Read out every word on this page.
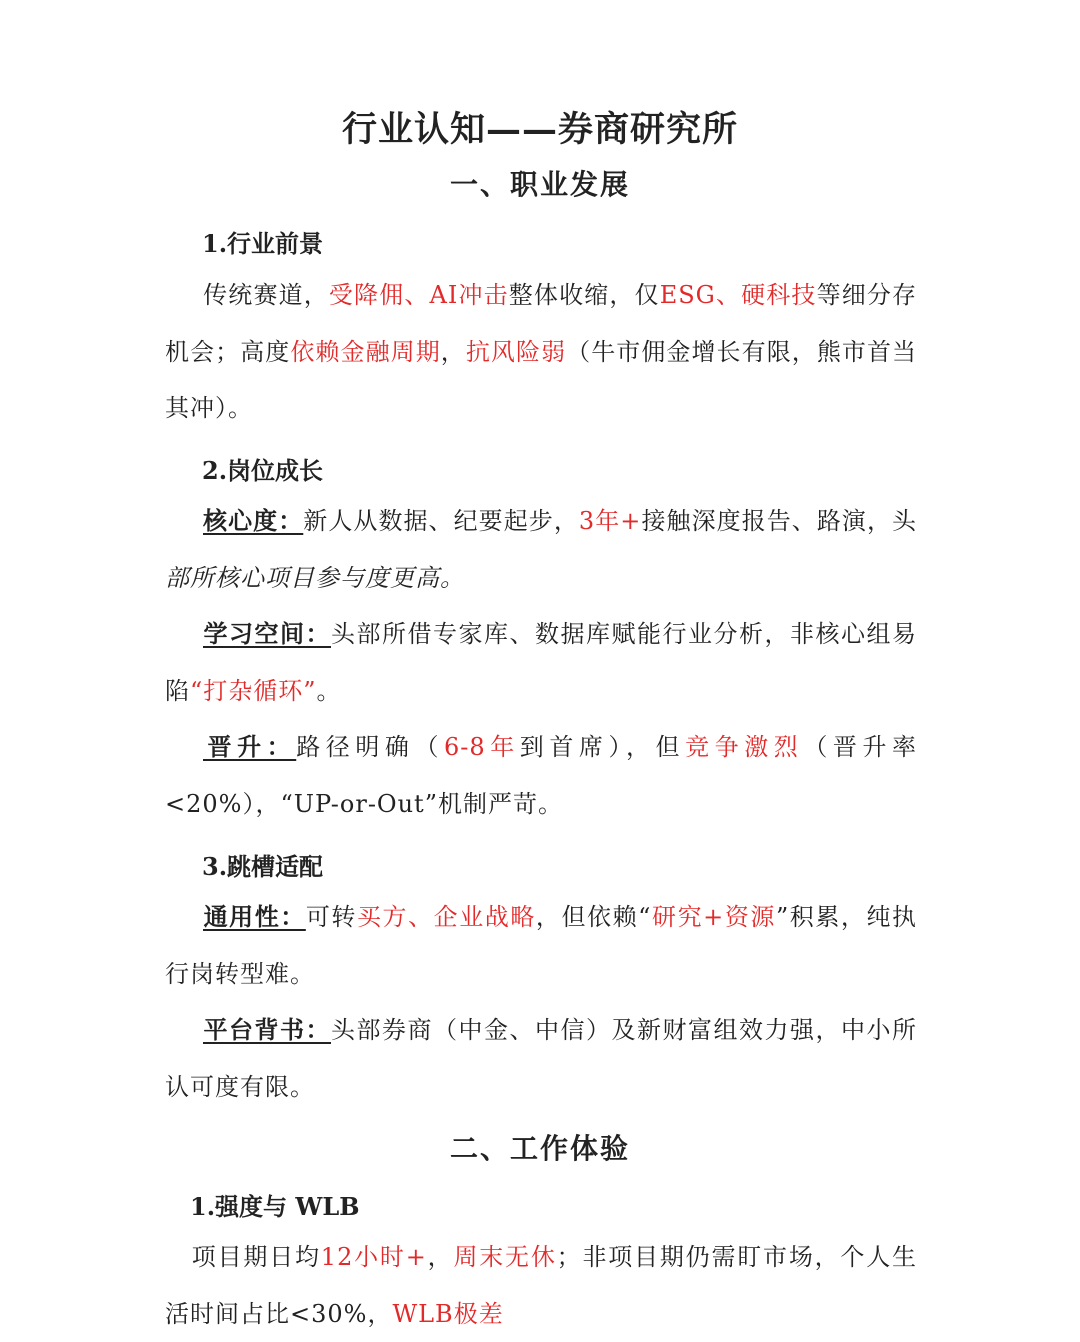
行业认知——券商研究所
一、职业发展
1.行业前景
传统赛道，受降佣、AI冲击整体收缩，仅ESG、硬科技等细分存机会；高度依赖金融周期，抗风险弱（牛市佣金增长有限，熊市首当其冲）。
2.岗位成长
核心度：新人从数据、纪要起步，3年+接触深度报告、路演，头部所核心项目参与度更高。
学习空间：头部所借专家库、数据库赋能行业分析，非核心组易陷“打杂循环”。
晋升：路径明确（6-8年到首席），但竞争激烈（晋升率<20%），“UP-or-Out”机制严苛。
3.跳槽适配
通用性：可转买方、企业战略，但依赖“研究+资源”积累，纯执行岗转型难。
平台背书：头部券商（中金、中信）及新财富组效力强，中小所认可度有限。
二、工作体验
1.强度与 WLB
项目期日均12小时+，周末无休；非项目期仍需盯市场，个人生活时间占比<30%，WLB极差
